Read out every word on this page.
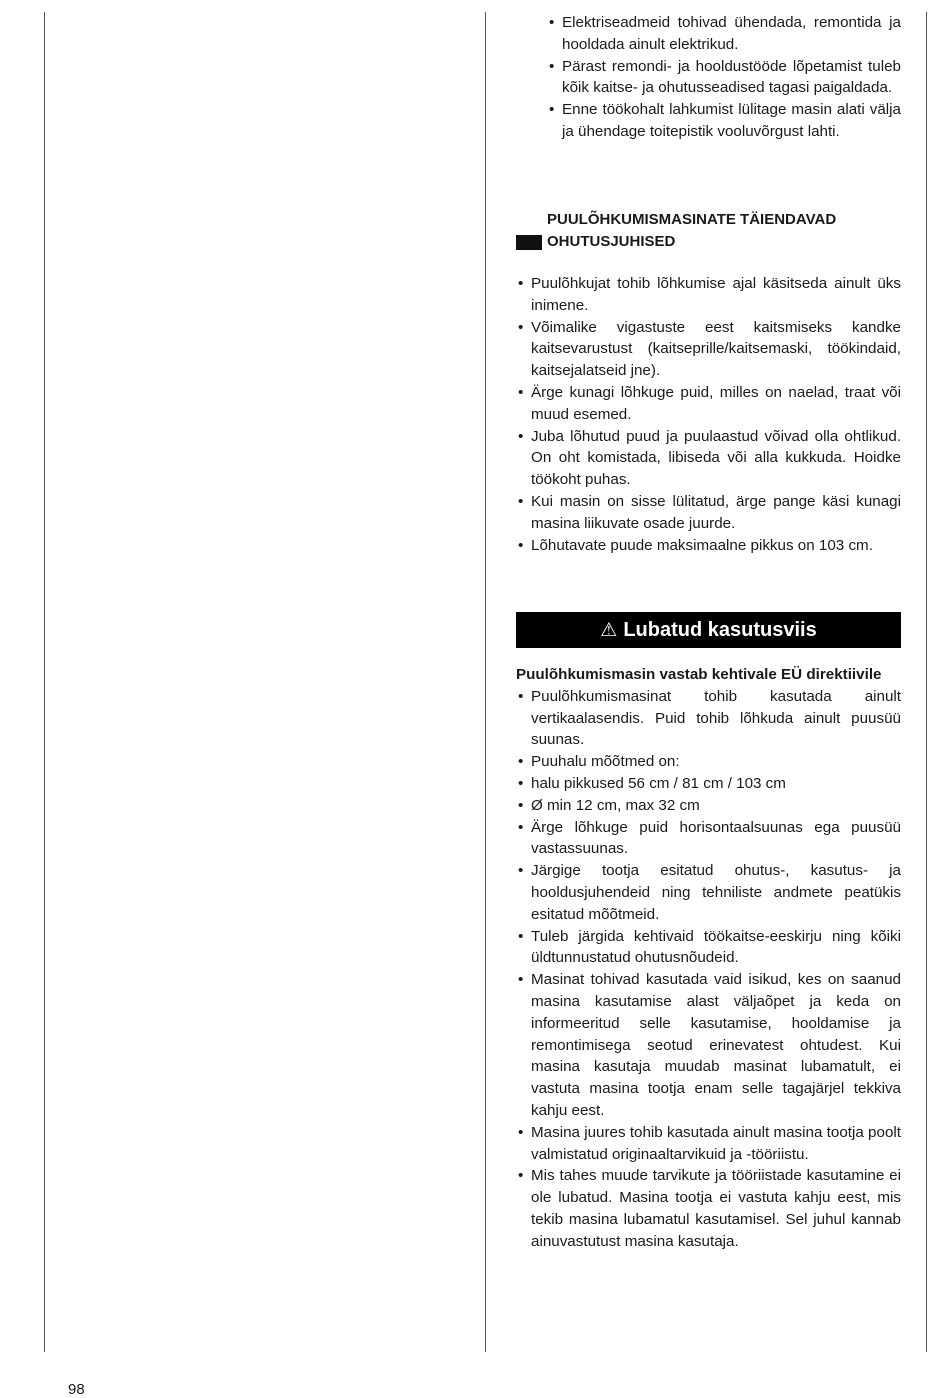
• Elektriseadmeid tohivad ühendada, remontida ja hooldada ainult elektrikud.
• Pärast remondi- ja hooldustööde lõpetamist tuleb kõik kaitse- ja ohutusseadised tagasi paigaldada.
• Enne töökohalt lahkumist lülitage masin alati välja ja ühendage toitepistik vooluvõrgust lahti.
PUULÕHKUMISMASINATE TÄIENDAVAD
OHUTUSJUHISED
• Puulõhkujat tohib lõhkumise ajal käsitseda ainult üks inimene.
• Võimalike vigastuste eest kaitsmiseks kandke kaitsevarustust (kaitseprille/kaitsemaski, töökindaid, kaitsejalatseid jne).
• Ärge kunagi lõhkuge puid, milles on naelad, traat või muud esemed.
• Juba lõhutud puud ja puulaastud võivad olla ohtlikud. On oht komistada, libiseda või alla kukkuda. Hoidke töökoht puhas.
• Kui masin on sisse lülitatud, ärge pange käsi kunagi masina liikuvate osade juurde.
• Lõhutavate puude maksimaalne pikkus on 103 cm.
⚠ Lubatud kasutusviis
Puulõhkumismasin vastab kehtivale EÜ direktiivile
• Puulõhkumismasinat tohib kasutada ainult vertikaalasendis. Puid tohib lõhkuda ainult puusüü suunas.
• Puuhalu mõõtmed on:
• halu pikkused 56 cm / 81 cm / 103 cm
• Ø min 12 cm, max 32 cm
• Ärge lõhkuge puid horisontaalsuunas ega puusüü vastassuunas.
• Järgige tootja esitatud ohutus-, kasutus- ja hooldusjuhendeid ning tehniliste andmete peatükis esitatud mõõtmeid.
• Tuleb järgida kehtivaid töökaitse-eeskirju ning kõiki üldtunnustatud ohutusnõudeid.
• Masinat tohivad kasutada vaid isikud, kes on saanud masina kasutamise alast väljaõpet ja keda on informeeritud selle kasutamise, hooldamise ja remontimisega seotud erinevatest ohtudest. Kui masina kasutaja muudab masinat lubamatult, ei vastuta masina tootja enam selle tagajärjel tekkiva kahju eest.
• Masina juures tohib kasutada ainult masina tootja poolt valmistatud originaaltarvikuid ja -tööriistu.
• Mis tahes muude tarvikute ja tööriistade kasutamine ei ole lubatud. Masina tootja ei vastuta kahju eest, mis tekib masina lubamatul kasutamisel. Sel juhul kannab ainuvastutust masina kasutaja.
98
